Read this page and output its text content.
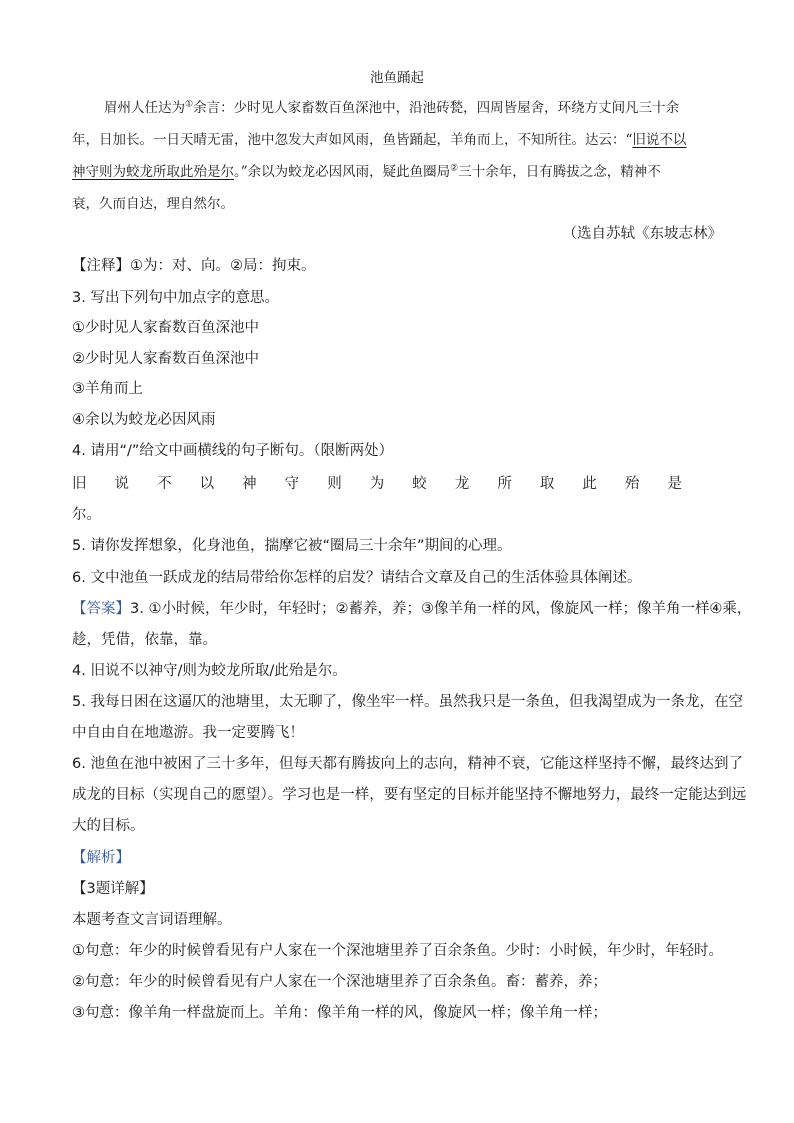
池鱼踊起
眉州人任达为①余言：少时见人家畜数百鱼深池中，沿池砖甃，四周皆屋舍，环绕方丈间凡三十余
年，日加长。一日天晴无雷，池中忽发大声如风雨，鱼皆踊起，羊角而上，不知所往。达云：“旧说不以
神守则为蛟龙所取此殆是尔。”余以为蛟龙必因风雨，疑此鱼圈局②三十余年，日有腾拔之念，精神不
衰，久而自达，理自然尔。
（选自苏轼《东坡志林》
【注释】①为：对、向。②局：拘束。
3. 写出下列句中加点字的意思。
①少时见人家畜数百鱼深池中
②少时见人家畜数百鱼深池中
③羊角而上
④余以为蛟龙必因风雨
4. 请用“/”给文中画横线的句子断句。（限断两处）
旧 说 不 以 神 守 则 为 蛟 龙 所 取 此 殆 是
尔。
5. 请你发挥想象，化身池鱼，揣摩它被“圈局三十余年”期间的心理。
6. 文中池鱼一跃成龙的结局带给你怎样的启发？请结合文章及自己的生活体验具体阐述。
【答案】3. ①小时候，年少时，年轻时；②蓄养，养；③像羊角一样的风，像旋风一样；像羊角一样④乘，
趁，凭借，依靠，靠。
4. 旧说不以神守/则为蛟龙所取/此殆是尔。
5. 我每日困在这逼仄的池塘里，太无聊了，像坐牢一样。虽然我只是一条鱼，但我渴望成为一条龙，在空
中自由自在地遨游。我一定要腾飞！
6. 池鱼在池中被困了三十多年，但每天都有腾拔向上的志向，精神不衰，它能这样坚持不懈，最终达到了
成龙的目标（实现自己的愿望）。学习也是一样，要有坚定的目标并能坚持不懈地努力，最终一定能达到远
大的目标。
【解析】
【3题详解】
本题考查文言词语理解。
①句意：年少的时候曾看见有户人家在一个深池塘里养了百余条鱼。少时：小时候，年少时，年轻时。
②句意：年少的时候曾看见有户人家在一个深池塘里养了百余条鱼。畜：蓄养，养；
③句意：像羊角一样盘旋而上。羊角：像羊角一样的风，像旋风一样；像羊角一样；
